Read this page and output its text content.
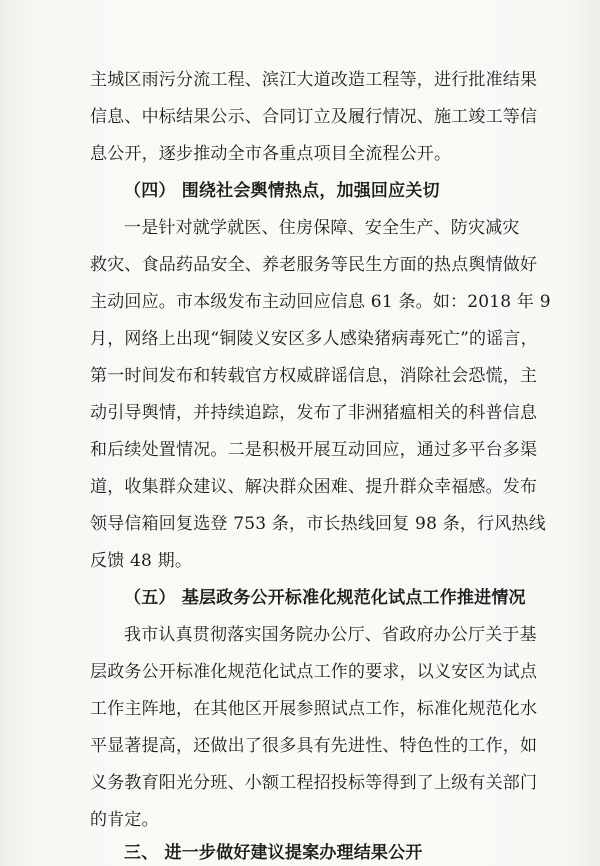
主城区雨污分流工程、滨江大道改造工程等，进行批准结果
信息、中标结果公示、合同订立及履行情况、施工竣工等信
息公开，逐步推动全市各重点项目全流程公开。
（四） 围绕社会舆情热点，加强回应关切
一是针对就学就医、住房保障、安全生产、防灾减灾
救灾、食品药品安全、养老服务等民生方面的热点舆情做好
主动回应。市本级发布主动回应信息 61 条。如：2018 年 9
月，网络上出现“铜陵义安区多人感染猪病毒死亡”的谣言，
第一时间发布和转载官方权威辟谣信息，消除社会恐慌，主
动引导舆情，并持续追踪，发布了非洲猪瘟相关的科普信息
和后续处置情况。二是积极开展互动回应，通过多平台多渠
道，收集群众建议、解决群众困难、提升群众幸福感。发布
领导信箱回复选登 753 条，市长热线回复 98 条，行风热线
反馈 48 期。
（五） 基层政务公开标准化规范化试点工作推进情况
我市认真贯彻落实国务院办公厅、省政府办公厅关于基
层政务公开标准化规范化试点工作的要求，以义安区为试点
工作主阵地，在其他区开展参照试点工作，标准化规范化水
平显著提高，还做出了很多具有先进性、特色性的工作，如
义务教育阳光分班、小额工程招投标等得到了上级有关部门
的肯定。
三、 进一步做好建议提案办理结果公开
